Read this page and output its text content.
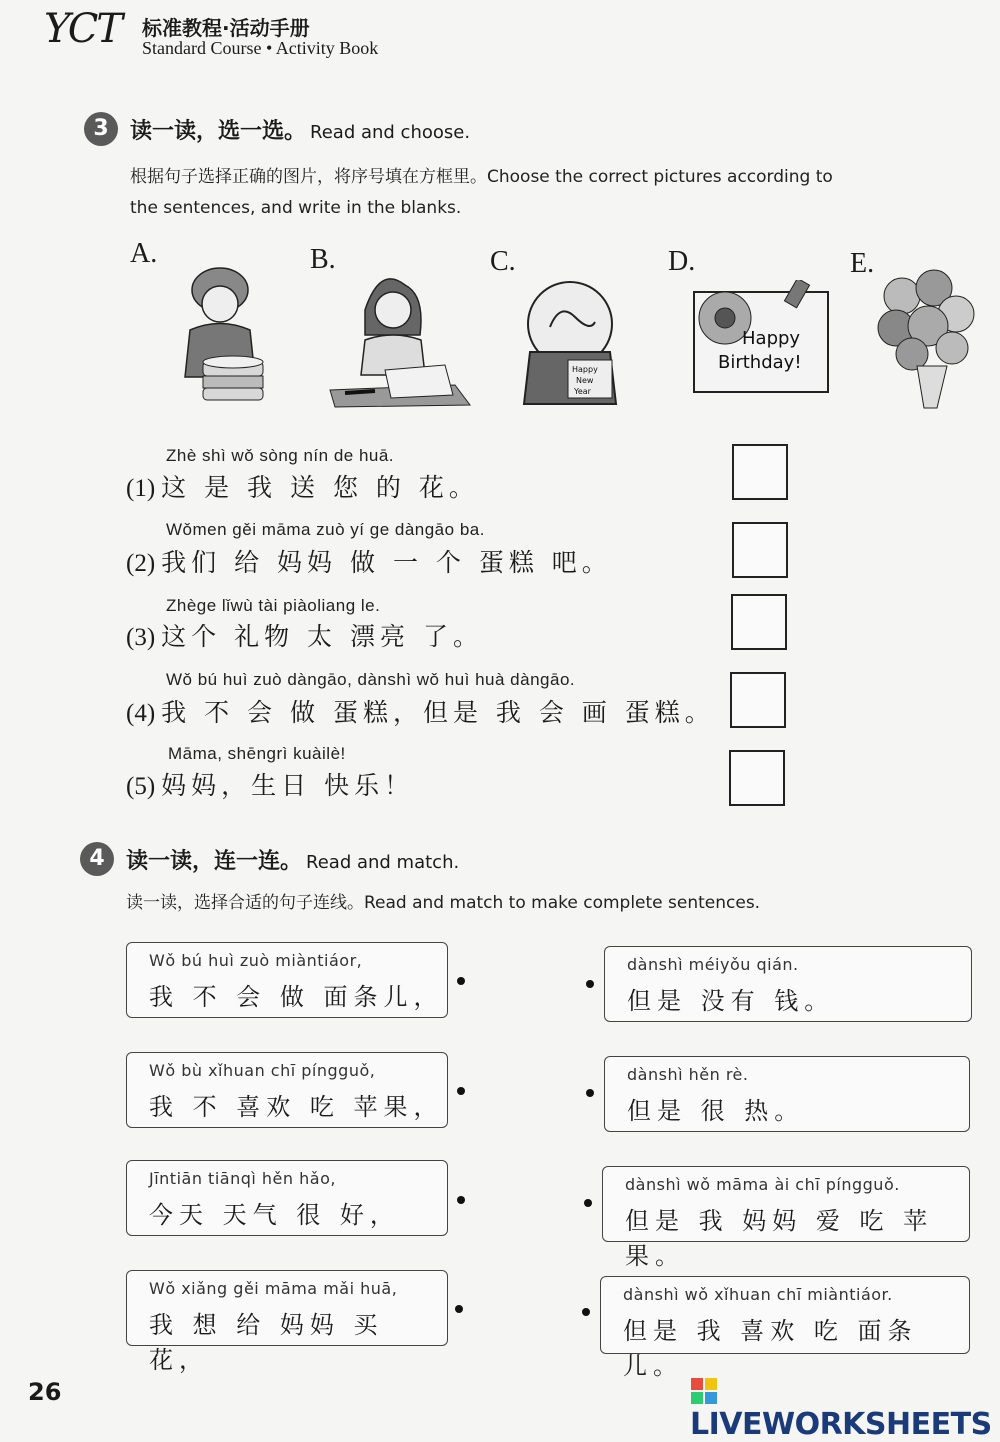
YCT 标准教程·活动手册
Standard Course • Activity Book
3 读一读，选一选。 Read and choose.
根据句子选择正确的图片，将序号填在方框里。Choose the correct pictures according to
the sentences, and write in the blanks.
A.	B.	C.	D.	E.
Happy
New
Year
Happy
Birthday!
Zhè shì wǒ sòng nín de huā.
(1) 这 是 我 送 您 的 花。
Wǒmen gěi māma zuò yí ge dàngāo ba.
(2) 我们 给 妈妈 做 一 个 蛋糕 吧。
Zhège lǐwù tài piàoliang le.
(3) 这个 礼物 太 漂亮 了。
Wǒ bú huì zuò dàngāo, dànshì wǒ huì huà dàngāo.
(4) 我 不 会 做 蛋糕，但是 我 会 画 蛋糕。
Māma, shēngrì kuàilè!
(5) 妈妈，生日 快乐！
4 读一读，连一连。 Read and match.
读一读，选择合适的句子连线。Read and match to make complete sentences.
Wǒ bú huì zuò miàntiáor,
我 不 会 做 面条儿，
Wǒ bù xǐhuan chī píngguǒ,
我 不 喜欢 吃 苹果，
Jīntiān tiānqì hěn hǎo,
今天 天气 很 好，
Wǒ xiǎng gěi māma mǎi huā,
我 想 给 妈妈 买 花，
dànshì méiyǒu qián.
但是 没有 钱。
dànshì hěn rè.
但是 很 热。
dànshì wǒ māma ài chī píngguǒ.
但是 我 妈妈 爱 吃 苹果。
dànshì wǒ xǐhuan chī miàntiáor.
但是 我 喜欢 吃 面条儿。
26
LIVEWORKSHEETS
